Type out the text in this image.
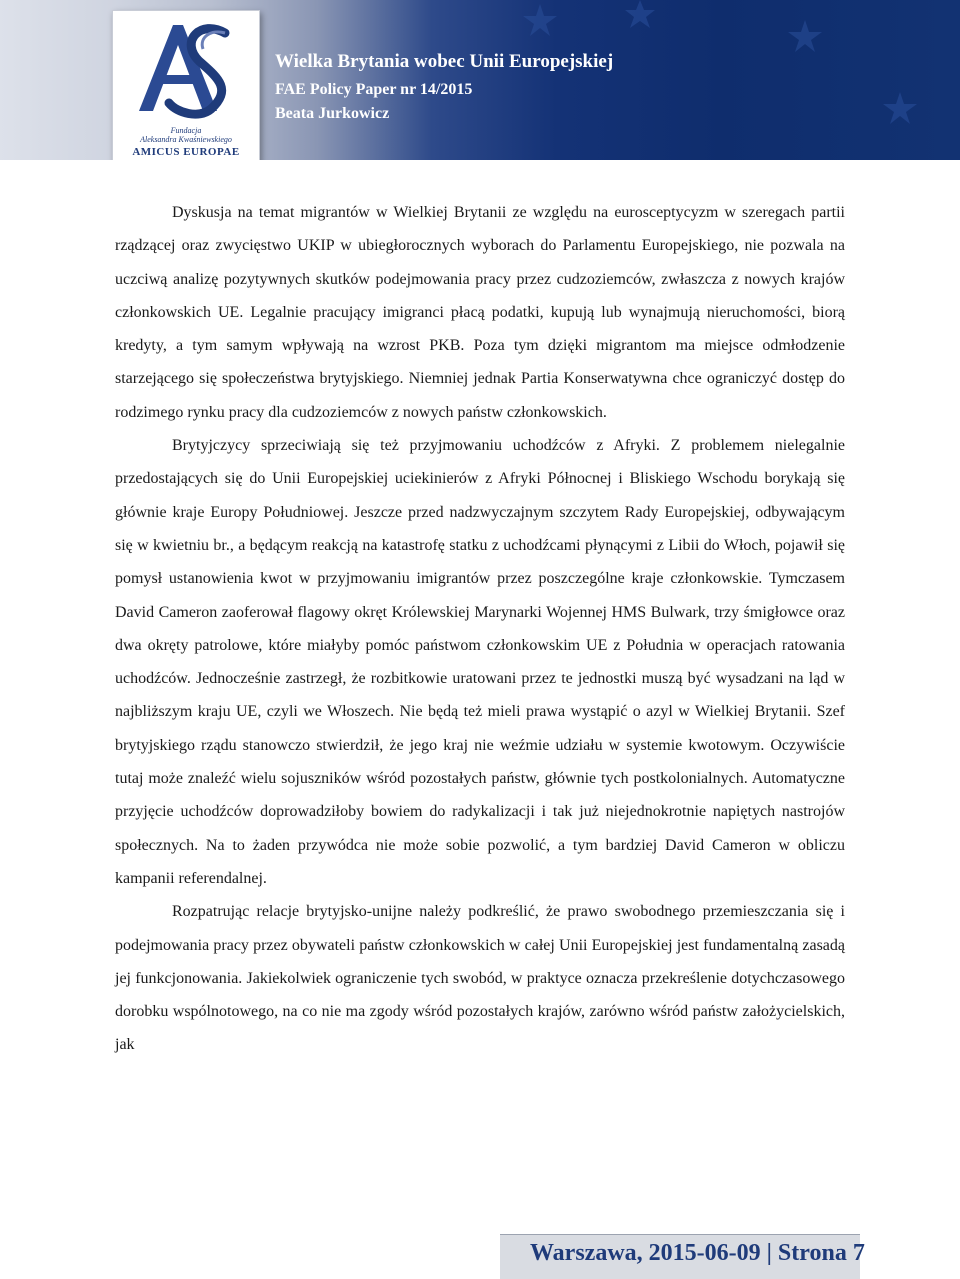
Fundacja
Aleksandra Kwaśniewskiego
AMICUS EUROPAE
Wielka Brytania wobec Unii Europejskiej
FAE Policy Paper nr 14/2015
Beata Jurkowicz

Dyskusja na temat migrantów w Wielkiej Brytanii ze względu na eurosceptycyzm w szeregach partii rządzącej oraz zwycięstwo UKIP w ubiegłorocznych wyborach do Parlamentu Europejskiego, nie pozwala na uczciwą analizę pozytywnych skutków podejmowania pracy przez cudzoziemców, zwłaszcza z nowych krajów członkowskich UE. Legalnie pracujący imigranci płacą podatki, kupują lub wynajmują nieruchomości, biorą kredyty, a tym samym wpływają na wzrost PKB. Poza tym dzięki migrantom ma miejsce odmłodzenie starzejącego się społeczeństwa brytyjskiego. Niemniej jednak Partia Konserwatywna chce ograniczyć dostęp do rodzimego rynku pracy dla cudzoziemców z nowych państw członkowskich.

Brytyjczycy sprzeciwiają się też przyjmowaniu uchodźców z Afryki. Z problemem nielegalnie przedostających się do Unii Europejskiej uciekinierów z Afryki Północnej i Bliskiego Wschodu borykają się głównie kraje Europy Południowej. Jeszcze przed nadzwyczajnym szczytem Rady Europejskiej, odbywającym się w kwietniu br., a będącym reakcją na katastrofę statku z uchodźcami płynącymi z Libii do Włoch, pojawił się pomysł ustanowienia kwot w przyjmowaniu imigrantów przez poszczególne kraje członkowskie. Tymczasem David Cameron zaoferował flagowy okręt Królewskiej Marynarki Wojennej HMS Bulwark, trzy śmigłowce oraz dwa okręty patrolowe, które miałyby pomóc państwom członkowskim UE z Południa w operacjach ratowania uchodźców. Jednocześnie zastrzegł, że rozbitkowie uratowani przez te jednostki muszą być wysadzani na ląd w najbliższym kraju UE, czyli we Włoszech. Nie będą też mieli prawa wystąpić o azyl w Wielkiej Brytanii. Szef brytyjskiego rządu stanowczo stwierdził, że jego kraj nie weźmie udziału w systemie kwotowym. Oczywiście tutaj może znaleźć wielu sojuszników wśród pozostałych państw, głównie tych postkolonialnych. Automatyczne przyjęcie uchodźców doprowadziłoby bowiem do radykalizacji i tak już niejednokrotnie napiętych nastrojów społecznych. Na to żaden przywódca nie może sobie pozwolić, a tym bardziej David Cameron w obliczu kampanii referendalnej.

Rozpatrując relacje brytyjsko-unijne należy podkreślić, że prawo swobodnego przemieszczania się i podejmowania pracy przez obywateli państw członkowskich w całej Unii Europejskiej jest fundamentalną zasadą jej funkcjonowania. Jakiekolwiek ograniczenie tych swobód, w praktyce oznacza przekreślenie dotychczasowego dorobku wspólnotowego, na co nie ma zgody wśród pozostałych krajów, zarówno wśród państw założycielskich, jak

Warszawa, 2015-06-09 | Strona 7
